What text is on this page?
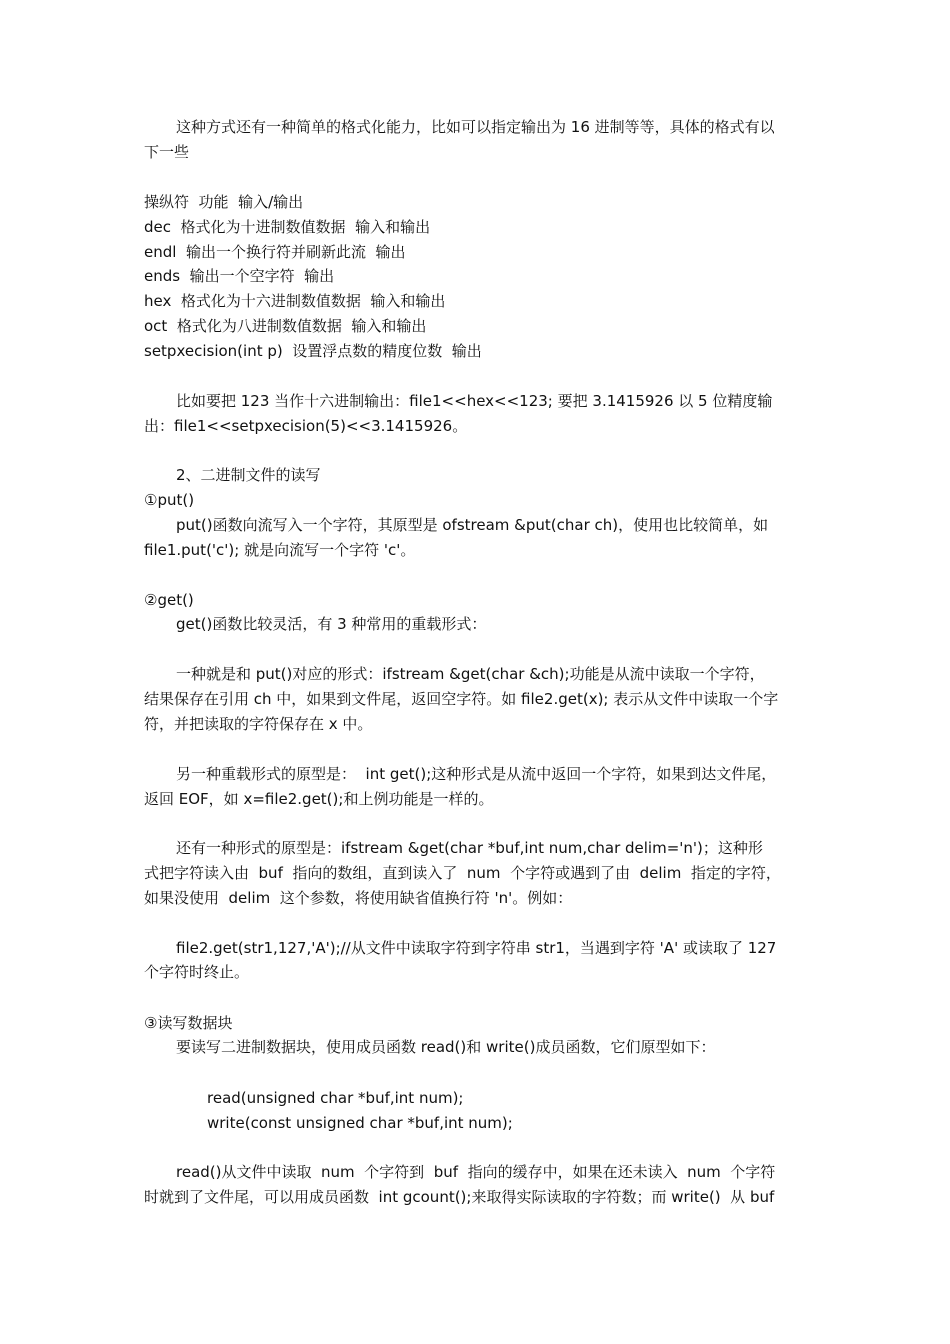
这种方式还有一种简单的格式化能力，比如可以指定输出为 16 进制等等，具体的格式有以
下一些
操纵符  功能  输入/输出
dec  格式化为十进制数值数据  输入和输出
endl  输出一个换行符并刷新此流  输出
ends  输出一个空字符  输出
hex  格式化为十六进制数值数据  输入和输出
oct  格式化为八进制数值数据  输入和输出
setpxecision(int p)  设置浮点数的精度位数  输出
比如要把 123 当作十六进制输出：file1<<hex<<123; 要把 3.1415926 以 5 位精度输
出：file1<<setpxecision(5)<<3.1415926。
2、二进制文件的读写
①put()
put()函数向流写入一个字符，其原型是 ofstream &put(char ch)，使用也比较简单，如
file1.put('c'); 就是向流写一个字符 'c'。
②get()
get()函数比较灵活，有 3 种常用的重载形式：
一种就是和 put()对应的形式：ifstream &get(char &ch);功能是从流中读取一个字符，
结果保存在引用 ch 中，如果到文件尾，返回空字符。如 file2.get(x); 表示从文件中读取一个字
符，并把读取的字符保存在 x 中。
另一种重载形式的原型是：  int get();这种形式是从流中返回一个字符，如果到达文件尾，
返回 EOF，如 x=file2.get();和上例功能是一样的。
还有一种形式的原型是：ifstream &get(char *buf,int num,char delim='n')；这种形
式把字符读入由  buf  指向的数组，直到读入了  num  个字符或遇到了由  delim  指定的字符，
如果没使用  delim  这个参数，将使用缺省值换行符 'n'。例如：
file2.get(str1,127,'A');//从文件中读取字符到字符串 str1，当遇到字符 'A' 或读取了 127
个字符时终止。
③读写数据块
要读写二进制数据块，使用成员函数 read()和 write()成员函数，它们原型如下：
read(unsigned char *buf,int num);
write(const unsigned char *buf,int num);
read()从文件中读取  num  个字符到  buf  指向的缓存中，如果在还未读入  num  个字符
时就到了文件尾，可以用成员函数  int gcount();来取得实际读取的字符数；而 write()  从 buf
